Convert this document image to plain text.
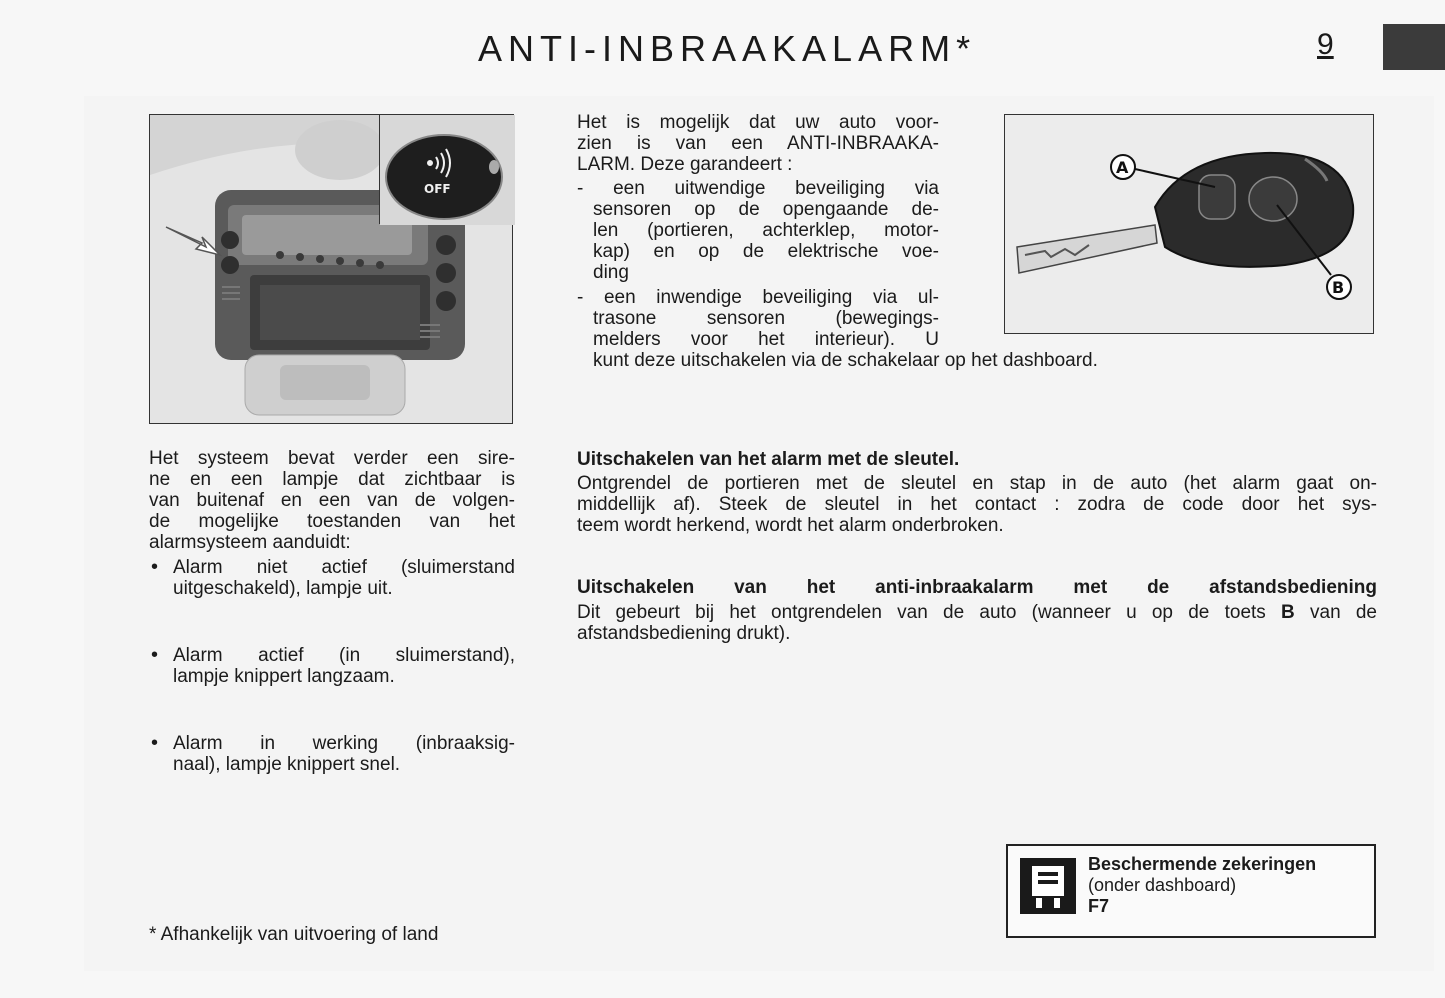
ANTI-INBRAAKALARM*	9
OFF
A
B
Het is mogelijk dat uw auto voor-
zien is van een ANTI-INBRAAKA-
LARM. Deze garandeert :
- een uitwendige beveiliging via
sensoren op de opengaande de-
len (portieren, achterklep, motor-
kap) en op de elektrische voe-
ding
- een inwendige beveiliging via ul-
trasone sensoren (bewegings-
melders voor het interieur). U
kunt deze uitschakelen via de schakelaar op het dashboard.
Het systeem bevat verder een sire-
ne en een lampje dat zichtbaar is
van buitenaf en een van de volgen-
de mogelijke toestanden van het
alarmsysteem aanduidt:
• Alarm niet actief (sluimerstand
uitgeschakeld), lampje uit.
• Alarm actief (in sluimerstand),
lampje knippert langzaam.
• Alarm in werking (inbraaksig-
naal), lampje knippert snel.
Uitschakelen van het alarm met de sleutel.
Ontgrendel de portieren met de sleutel en stap in de auto (het alarm gaat on-
middellijk af). Steek de sleutel in het contact : zodra de code door het sys-
teem wordt herkend, wordt het alarm onderbroken.
Uitschakelen van het anti-inbraakalarm met de afstandsbediening
Dit gebeurt bij het ontgrendelen van de auto (wanneer u op de toets B van de
afstandsbediening drukt).
* Afhankelijk van uitvoering of land
Beschermende zekeringen
(onder dashboard)
F7
